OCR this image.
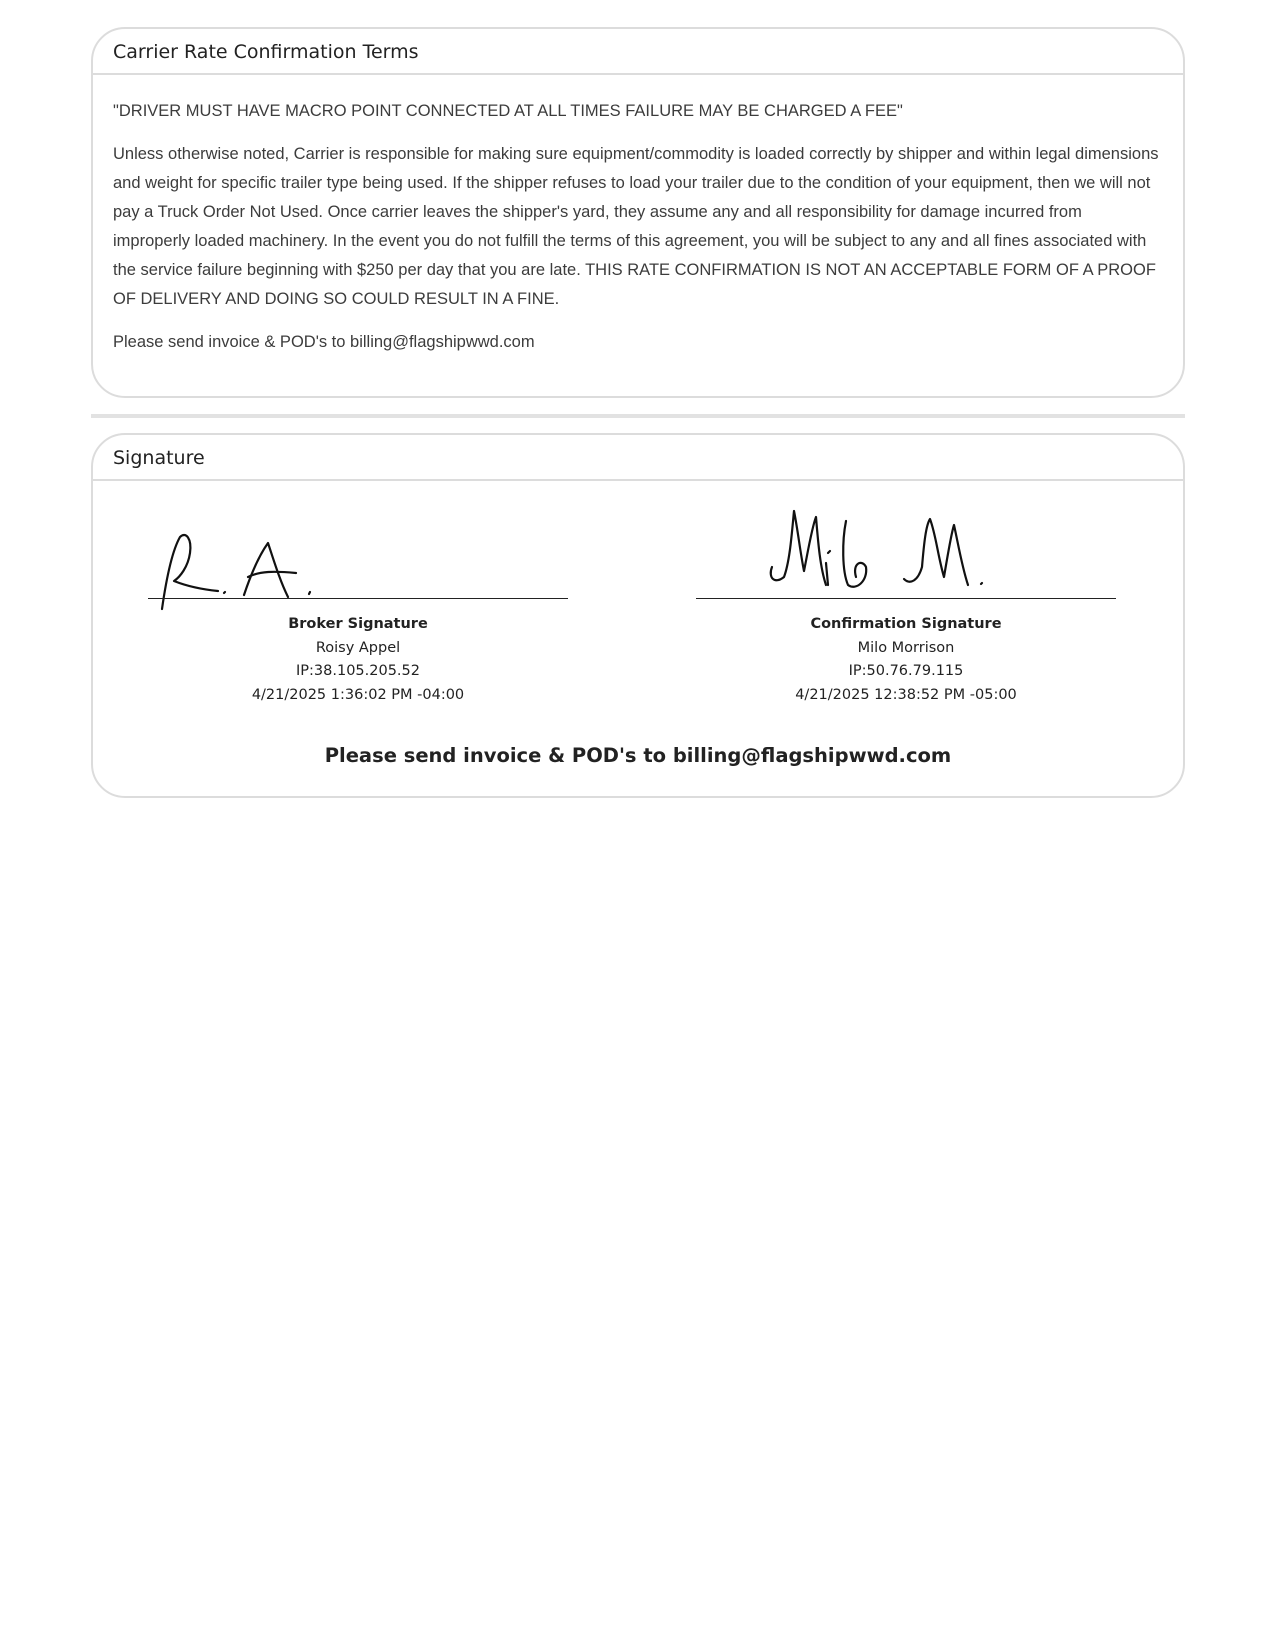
Carrier Rate Confirmation Terms

"DRIVER MUST HAVE MACRO POINT CONNECTED AT ALL TIMES FAILURE MAY BE CHARGED A FEE"

Unless otherwise noted, Carrier is responsible for making sure equipment/commodity is loaded correctly by shipper and within legal dimensions and weight for specific trailer type being used. If the shipper refuses to load your trailer due to the condition of your equipment, then we will not pay a Truck Order Not Used. Once carrier leaves the shipper's yard, they assume any and all responsibility for damage incurred from improperly loaded machinery. In the event you do not fulfill the terms of this agreement, you will be subject to any and all fines associated with the service failure beginning with $250 per day that you are late. THIS RATE CONFIRMATION IS NOT AN ACCEPTABLE FORM OF A PROOF OF DELIVERY AND DOING SO COULD RESULT IN A FINE.

Please send invoice & POD's to billing@flagshipwwd.com

Signature
Broker Signature
Roisy Appel
IP:38.105.205.52
4/21/2025 1:36:02 PM -04:00
Confirmation Signature
Milo Morrison
IP:50.76.79.115
4/21/2025 12:38:52 PM -05:00
Please send invoice & POD's to billing@flagshipwwd.com
